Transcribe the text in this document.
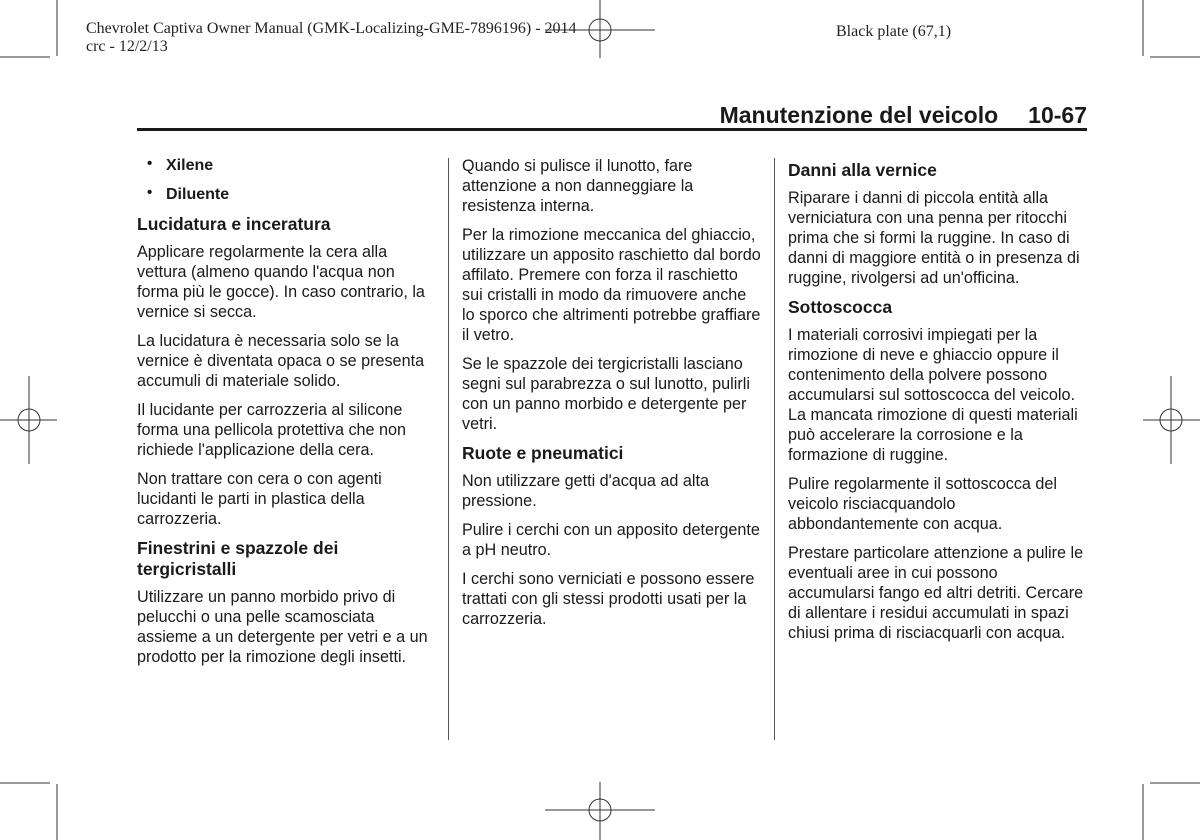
Chevrolet Captiva Owner Manual (GMK-Localizing-GME-7896196) - 2014
crc - 12/2/13
Black plate (67,1)
Manutenzione del veicolo 10-67
• Xilene
• Diluente
Lucidatura e inceratura

Applicare regolarmente la cera alla vettura (almeno quando l'acqua non forma più le gocce). In caso contrario, la vernice si secca.

La lucidatura è necessaria solo se la vernice è diventata opaca o se presenta accumuli di materiale solido.

Il lucidante per carrozzeria al silicone forma una pellicola protettiva che non richiede l'applicazione della cera.

Non trattare con cera o con agenti lucidanti le parti in plastica della carrozzeria.

Finestrini e spazzole dei tergicristalli

Utilizzare un panno morbido privo di pelucchi o una pelle scamosciata assieme a un detergente per vetri e a un prodotto per la rimozione degli insetti.

Quando si pulisce il lunotto, fare attenzione a non danneggiare la resistenza interna.

Per la rimozione meccanica del ghiaccio, utilizzare un apposito raschietto dal bordo affilato. Premere con forza il raschietto sui cristalli in modo da rimuovere anche lo sporco che altrimenti potrebbe graffiare il vetro.

Se le spazzole dei tergicristalli lasciano segni sul parabrezza o sul lunotto, pulirli con un panno morbido e detergente per vetri.

Ruote e pneumatici

Non utilizzare getti d'acqua ad alta pressione.

Pulire i cerchi con un apposito detergente a pH neutro.

I cerchi sono verniciati e possono essere trattati con gli stessi prodotti usati per la carrozzeria.

Danni alla vernice

Riparare i danni di piccola entità alla verniciatura con una penna per ritocchi prima che si formi la ruggine. In caso di danni di maggiore entità o in presenza di ruggine, rivolgersi ad un'officina.

Sottoscocca

I materiali corrosivi impiegati per la rimozione di neve e ghiaccio oppure il contenimento della polvere possono accumularsi sul sottoscocca del veicolo. La mancata rimozione di questi materiali può accelerare la corrosione e la formazione di ruggine.

Pulire regolarmente il sottoscocca del veicolo risciacquandolo abbondantemente con acqua.

Prestare particolare attenzione a pulire le eventuali aree in cui possono accumularsi fango ed altri detriti. Cercare di allentare i residui accumulati in spazi chiusi prima di risciacquarli con acqua.
